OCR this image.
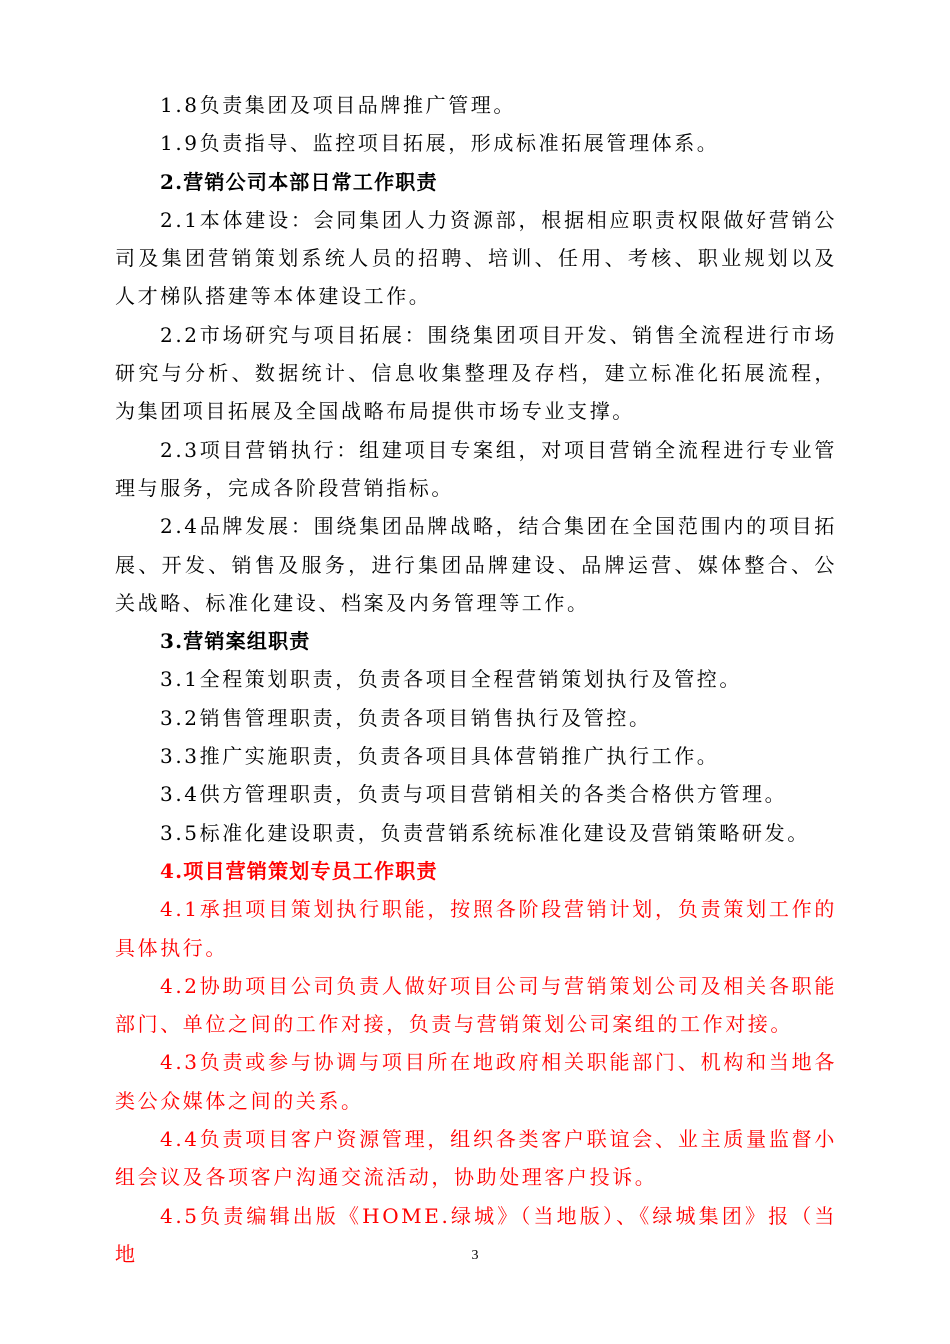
1.8负责集团及项目品牌推广管理。

1.9负责指导、监控项目拓展，形成标准拓展管理体系。

2.营销公司本部日常工作职责

2.1本体建设：会同集团人力资源部，根据相应职责权限做好营销公司及集团营销策划系统人员的招聘、培训、任用、考核、职业规划以及人才梯队搭建等本体建设工作。

2.2市场研究与项目拓展：围绕集团项目开发、销售全流程进行市场研究与分析、数据统计、信息收集整理及存档，建立标准化拓展流程，为集团项目拓展及全国战略布局提供市场专业支撑。

2.3项目营销执行：组建项目专案组，对项目营销全流程进行专业管理与服务，完成各阶段营销指标。

2.4品牌发展：围绕集团品牌战略，结合集团在全国范围内的项目拓展、开发、销售及服务，进行集团品牌建设、品牌运营、媒体整合、公关战略、标准化建设、档案及内务管理等工作。

3.营销案组职责

3.1全程策划职责，负责各项目全程营销策划执行及管控。

3.2销售管理职责，负责各项目销售执行及管控。

3.3推广实施职责，负责各项目具体营销推广执行工作。

3.4供方管理职责，负责与项目营销相关的各类合格供方管理。

3.5标准化建设职责，负责营销系统标准化建设及营销策略研发。

4.项目营销策划专员工作职责

4.1承担项目策划执行职能，按照各阶段营销计划，负责策划工作的具体执行。

4.2协助项目公司负责人做好项目公司与营销策划公司及相关各职能部门、单位之间的工作对接，负责与营销策划公司案组的工作对接。

4.3负责或参与协调与项目所在地政府相关职能部门、机构和当地各类公众媒体之间的关系。

4.4负责项目客户资源管理，组织各类客户联谊会、业主质量监督小组会议及各项客户沟通交流活动，协助处理客户投诉。

4.5负责编辑出版《HOME.绿城》（当地版）、《绿城集团》报（当地	3
